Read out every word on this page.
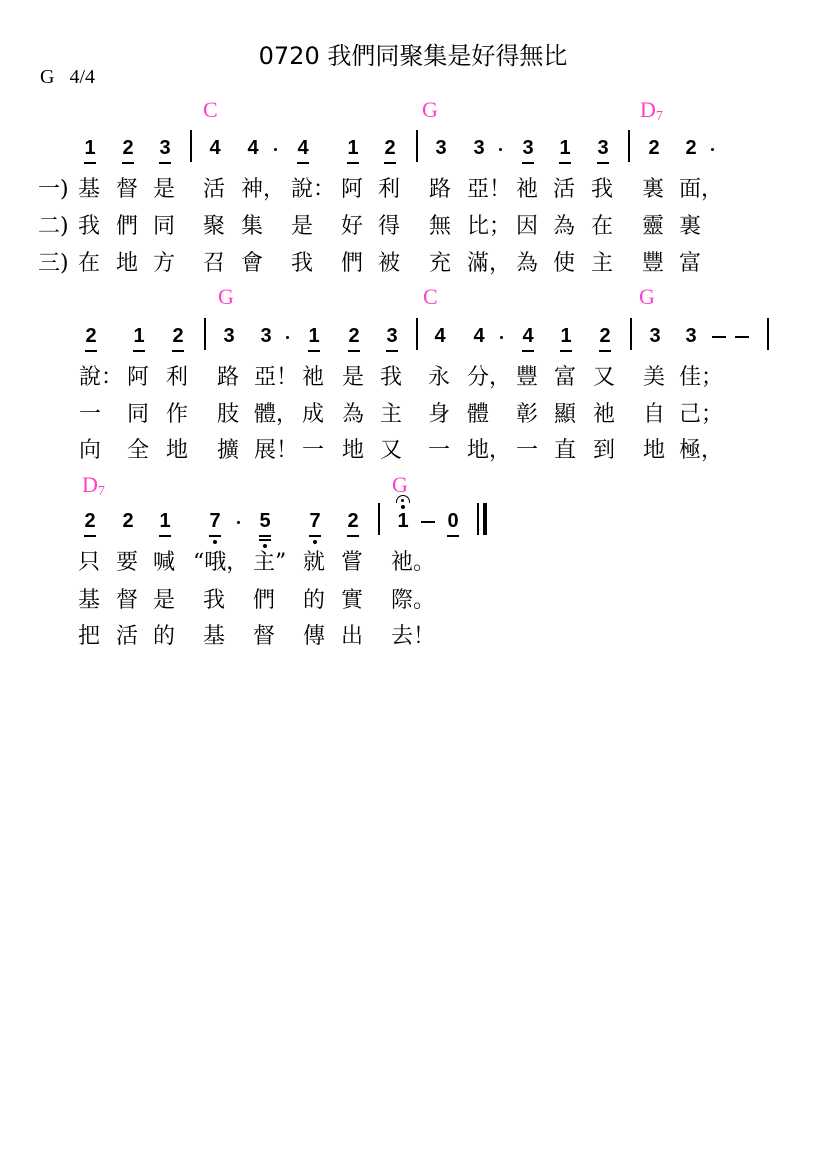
0720 我們同聚集是好得無比
G   4/4
C	G	$D_7$
1 2 3 4 4 4 1 2 3 3 3 1 3 2 2
一) 基 督 是 活 神， 說： 阿 利 路 亞！ 祂 活 我 裏 面，
二) 我 們 同 聚 集 是 好 得 無 比； 因 為 在 靈 裏
三) 在 地 方 召 會 我 們 被 充 滿， 為 使 主 豐 富
G	C	G
2 1 2 3 3 1 2 3 4 4 4 1 2 3 3
說： 阿 利 路 亞！ 祂 是 我 永 分， 豐 富 又 美 佳；
一 同 作 肢 體， 成 為 主 身 體 彰 顯 祂 自 己；
向 全 地 擴 展！ 一 地 又 一 地， 一 直 到 地 極，
$D_7$	G
2 2 1 7 5 7 2 1 0
只 要 喊 “哦， 主” 就 嘗 祂。
基 督 是 我 們 的 實 際。
把 活 的 基 督 傳 出 去！
